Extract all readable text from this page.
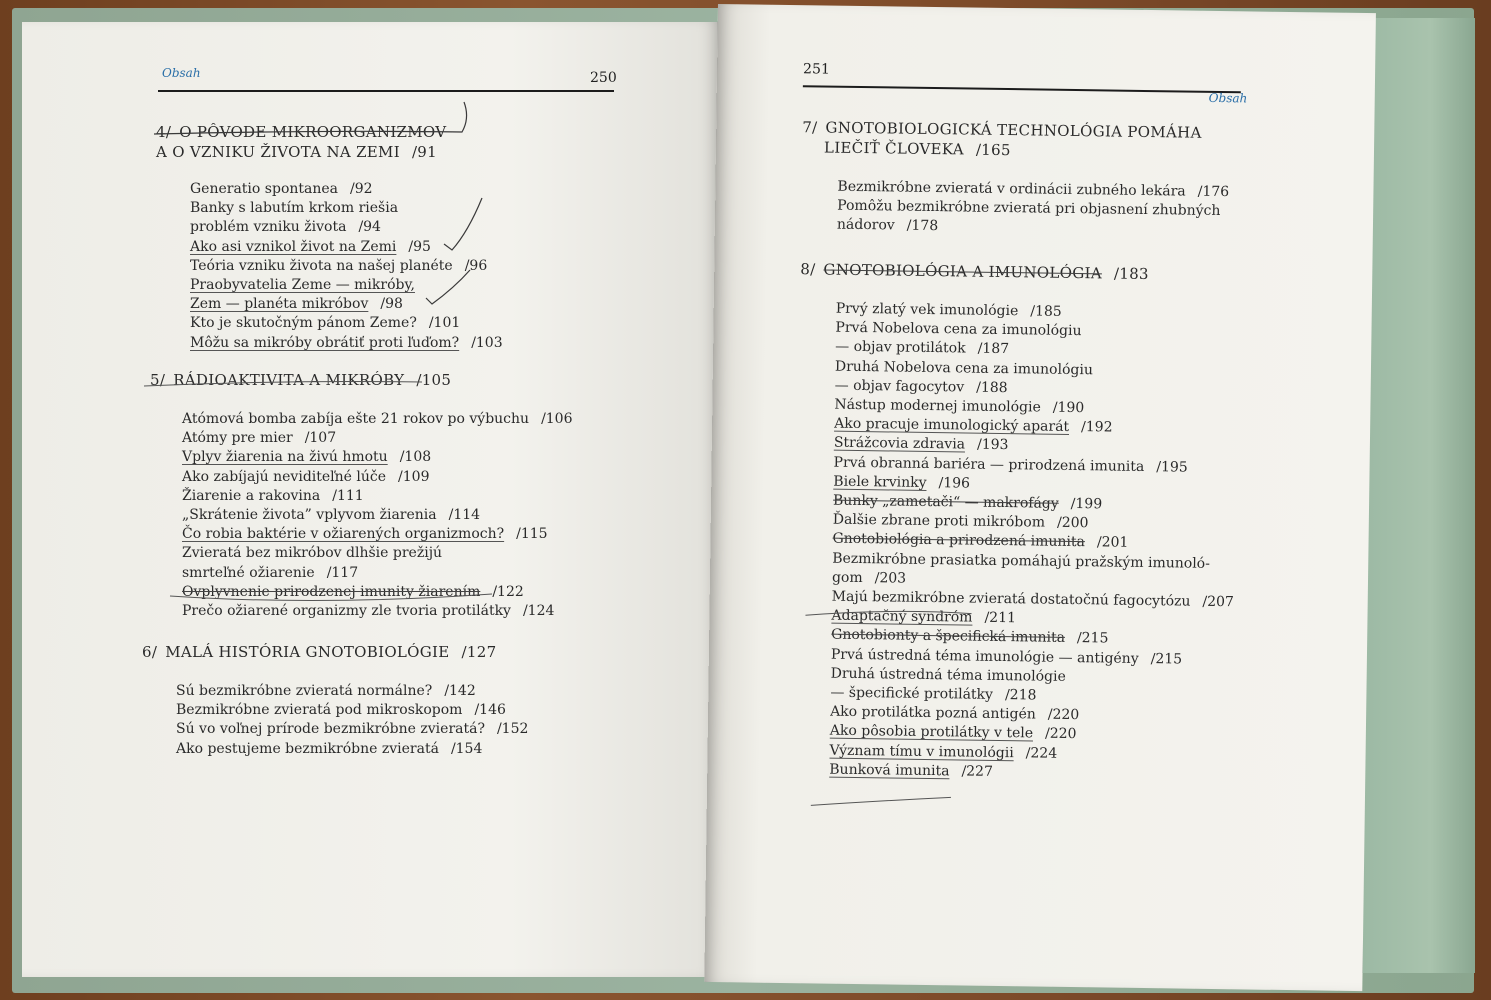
Obsah	250

4/ O PÔVODE MIKROORGANIZMOV

A O VZNIKU ŽIVOTA NA ZEMI /91

Generatio spontanea /92
Banky s labutím krkom riešia
problém vzniku života /94
Ako asi vznikol život na Zemi /95
Teória vzniku života na našej planéte /96
Praobyvatelia Zeme — mikróby,
Zem — planéta mikróbov /98
Kto je skutočným pánom Zeme? /101
Môžu sa mikróby obrátiť proti ľuďom? /103

5/ RÁDIOAKTIVITA A MIKRÓBY /105

Atómová bomba zabíja ešte 21 rokov po výbuchu /106
Atómy pre mier /107
Vplyv žiarenia na živú hmotu /108
Ako zabíjajú neviditeľné lúče /109
Žiarenie a rakovina /111
„Skrátenie života” vplyvom žiarenia /114
Čo robia baktérie v ožiarených organizmoch? /115
Zvieratá bez mikróbov dlhšie prežijú
smrteľné ožiarenie /117
Ovplyvnenie prirodzenej imunity žiarením /122
Prečo ožiarené organizmy zle tvoria protilátky /124

6/ MALÁ HISTÓRIA GNOTOBIOLÓGIE /127

Sú bezmikróbne zvieratá normálne? /142
Bezmikróbne zvieratá pod mikroskopom /146
Sú vo voľnej prírode bezmikróbne zvieratá? /152
Ako pestujeme bezmikróbne zvieratá /154
251
Obsah

7/ GNOTOBIOLOGICKÁ TECHNOLÓGIA POMÁHA

LIEČIŤ ČLOVEKA /165

Bezmikróbne zvieratá v ordinácii zubného lekára /176
Pomôžu bezmikróbne zvieratá pri objasnení zhubných
nádorov /178

8/ GNOTOBIOLÓGIA A IMUNOLÓGIA /183

Prvý zlatý vek imunológie /185
Prvá Nobelova cena za imunológiu
— objav protilátok /187
Druhá Nobelova cena za imunológiu
— objav fagocytov /188
Nástup modernej imunológie /190
Ako pracuje imunologický aparát /192
Strážcovia zdravia /193
Prvá obranná bariéra — prirodzená imunita /195
Biele krvinky /196
Bunky „zametači“ — makrofágy /199
Ďalšie zbrane proti mikróbom /200
Gnotobiológia a prirodzená imunita /201
Bezmikróbne prasiatka pomáhajú pražským imunoló-
gom /203
Majú bezmikróbne zvieratá dostatočnú fagocytózu /207
Adaptačný syndróm /211
Gnotobionty a špecifická imunita /215
Prvá ústredná téma imunológie — antigény /215
Druhá ústredná téma imunológie
— špecifické protilátky /218
Ako protilátka pozná antigén /220
Ako pôsobia protilátky v tele /220
Význam tímu v imunológii /224
Bunková imunita /227
